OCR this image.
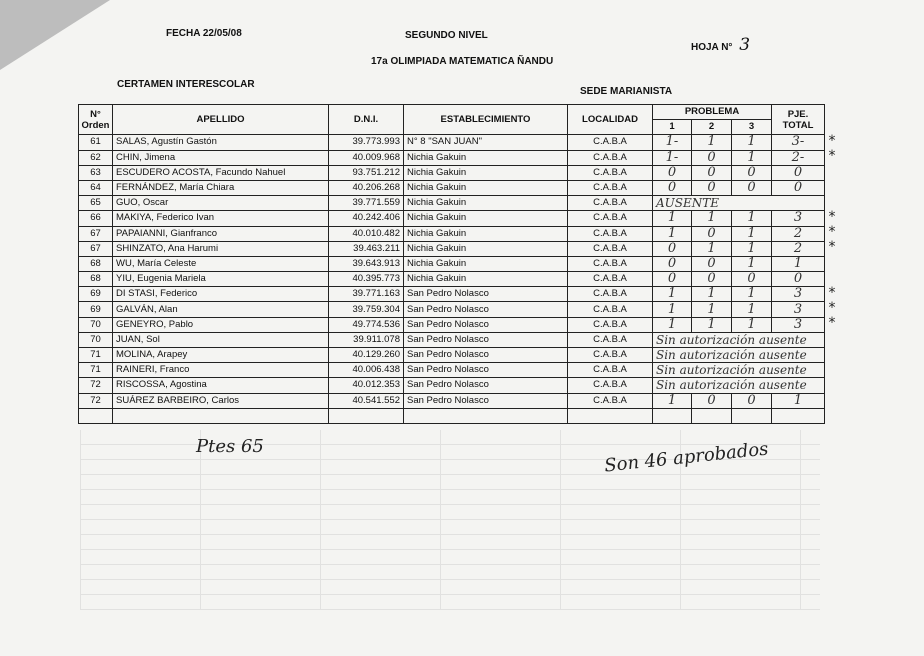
FECHA 22/05/08	SEGUNDO NIVEL
HOJA N° 3
17a OLIMPIADA MATEMATICA ÑANDU
CERTAMEN INTERESCOLAR
SEDE MARIANISTA
N° Orden	APELLIDO	D.N.I.	ESTABLECIMIENTO	LOCALIDAD	PROBLEMA			PJE. TOTAL
					1	2	3	
61	SALAS, Agustín Gastón	39.773.993	N° 8 "SAN JUAN"	C.A.B.A	1-	1	1	3-
62	CHIN, Jimena	40.009.968	Nichia Gakuin	C.A.B.A	1-	0	1	2-
63	ESCUDERO ACOSTA, Facundo Nahuel	93.751.212	Nichia Gakuin	C.A.B.A	0	0	0	0
64	FERNÁNDEZ, María Chiara	40.206.268	Nichia Gakuin	C.A.B.A	0	0	0	0
65	GUO, Oscar	39.771.559	Nichia Gakuin	C.A.B.A	AUSENTE			
66	MAKIYA, Federico Ivan	40.242.406	Nichia Gakuin	C.A.B.A	1	1	1	3
67	PAPAIANNI, Gianfranco	40.010.482	Nichia Gakuin	C.A.B.A	1	0	1	2
67	SHINZATO, Ana Harumi	39.463.211	Nichia Gakuin	C.A.B.A	0	1	1	2
68	WU, María Celeste	39.643.913	Nichia Gakuin	C.A.B.A	0	0	1	1
68	YIU, Eugenia Mariela	40.395.773	Nichia Gakuin	C.A.B.A	0	0	0	0
69	DI STASI, Federico	39.771.163	San Pedro Nolasco	C.A.B.A	1	1	1	3
69	GALVÁN, Alan	39.759.304	San Pedro Nolasco	C.A.B.A	1	1	1	3
70	GENEYRO, Pablo	49.774.536	San Pedro Nolasco	C.A.B.A	1	1	1	3
70	JUAN, Sol	39.911.078	San Pedro Nolasco	C.A.B.A	Sin autorización ausente			
71	MOLINA, Arapey	40.129.260	San Pedro Nolasco	C.A.B.A	Sin autorización ausente			
71	RAINERI, Franco	40.006.438	San Pedro Nolasco	C.A.B.A	Sin autorización ausente			
72	RISCOSSA, Agostina	40.012.353	San Pedro Nolasco	C.A.B.A	Sin autorización ausente			
72	SUÁREZ BARBEIRO, Carlos	40.541.552	San Pedro Nolasco	C.A.B.A	1	0	0	1

Ptes 65	Son 46 aprobados
*
*
*
*
*
*
*
*
